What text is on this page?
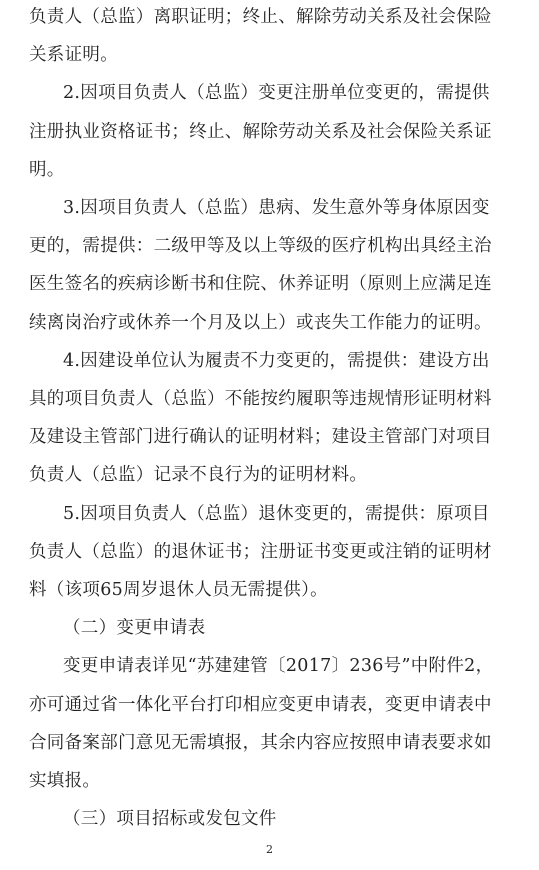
负责人（总监）离职证明；终止、解除劳动关系及社会保险
关系证明。
2.因项目负责人（总监）变更注册单位变更的，需提供
注册执业资格证书；终止、解除劳动关系及社会保险关系证
明。
3.因项目负责人（总监）患病、发生意外等身体原因变
更的，需提供：二级甲等及以上等级的医疗机构出具经主治
医生签名的疾病诊断书和住院、休养证明（原则上应满足连
续离岗治疗或休养一个月及以上）或丧失工作能力的证明。
4.因建设单位认为履责不力变更的，需提供：建设方出
具的项目负责人（总监）不能按约履职等违规情形证明材料
及建设主管部门进行确认的证明材料；建设主管部门对项目
负责人（总监）记录不良行为的证明材料。
5.因项目负责人（总监）退休变更的，需提供：原项目
负责人（总监）的退休证书；注册证书变更或注销的证明材
料（该项65周岁退休人员无需提供）。
（二）变更申请表
变更申请表详见“苏建建管〔2017〕236号”中附件2，
亦可通过省一体化平台打印相应变更申请表，变更申请表中
合同备案部门意见无需填报，其余内容应按照申请表要求如
实填报。
（三）项目招标或发包文件
2
